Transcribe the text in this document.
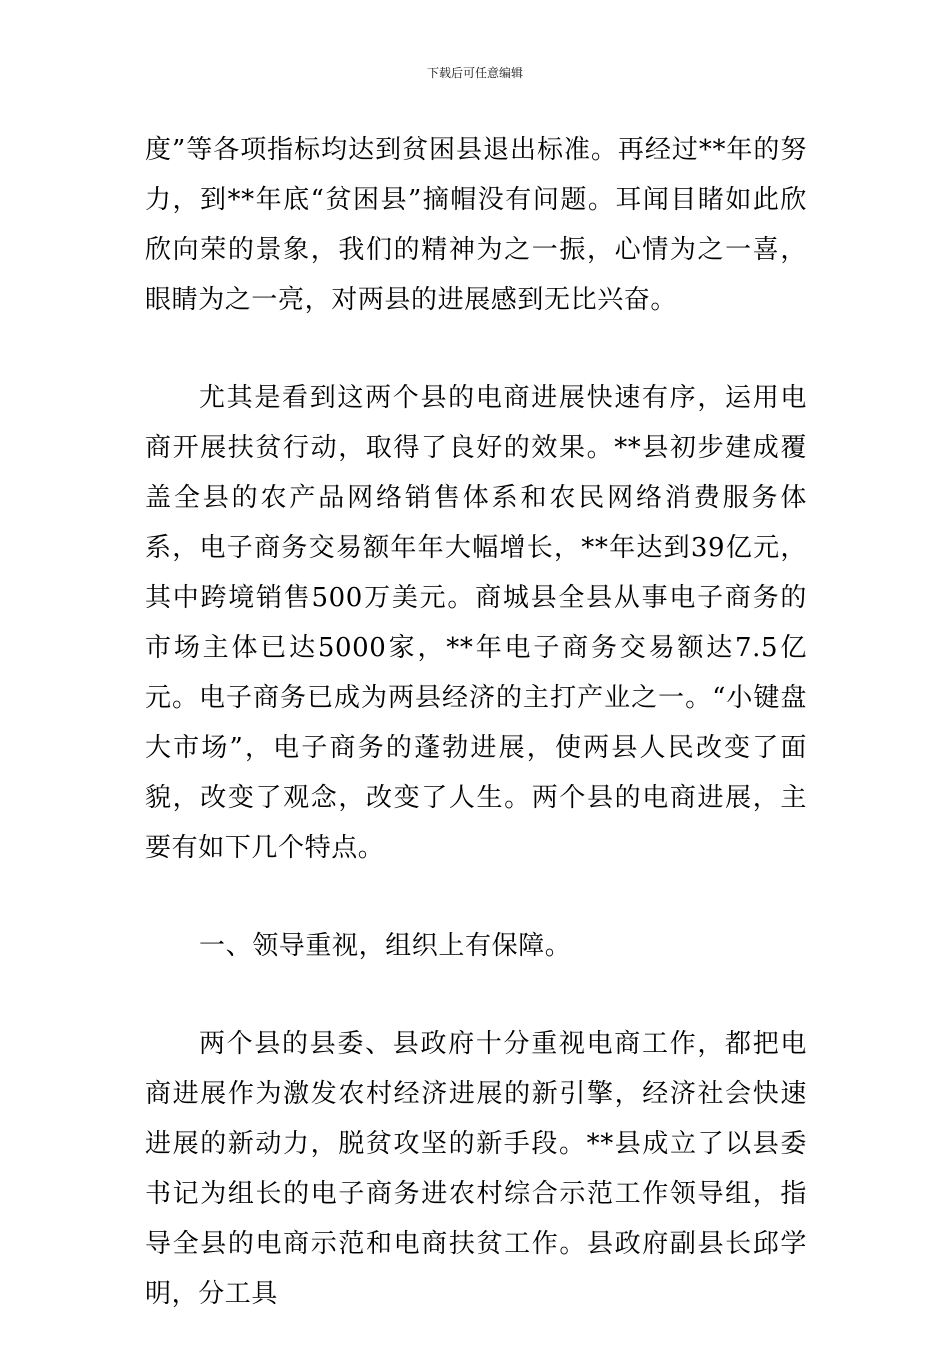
下载后可任意编辑

度”等各项指标均达到贫困县退出标准。再经过**年的努力，到**年底“贫困县”摘帽没有问题。耳闻目睹如此欣欣向荣的景象，我们的精神为之一振，心情为之一喜，眼睛为之一亮，对两县的进展感到无比兴奋。

尤其是看到这两个县的电商进展快速有序，运用电商开展扶贫行动，取得了良好的效果。**县初步建成覆盖全县的农产品网络销售体系和农民网络消费服务体系，电子商务交易额年年大幅增长，**年达到39亿元，其中跨境销售500万美元。商城县全县从事电子商务的市场主体已达5000家，**年电子商务交易额达7.5亿元。电子商务已成为两县经济的主打产业之一。“小键盘大市场”，电子商务的蓬勃进展，使两县人民改变了面貌，改变了观念，改变了人生。两个县的电商进展，主要有如下几个特点。

一、领导重视，组织上有保障。

两个县的县委、县政府十分重视电商工作，都把电商进展作为激发农村经济进展的新引擎，经济社会快速进展的新动力，脱贫攻坚的新手段。**县成立了以县委书记为组长的电子商务进农村综合示范工作领导组，指导全县的电商示范和电商扶贫工作。县政府副县长邱学明，分工具
